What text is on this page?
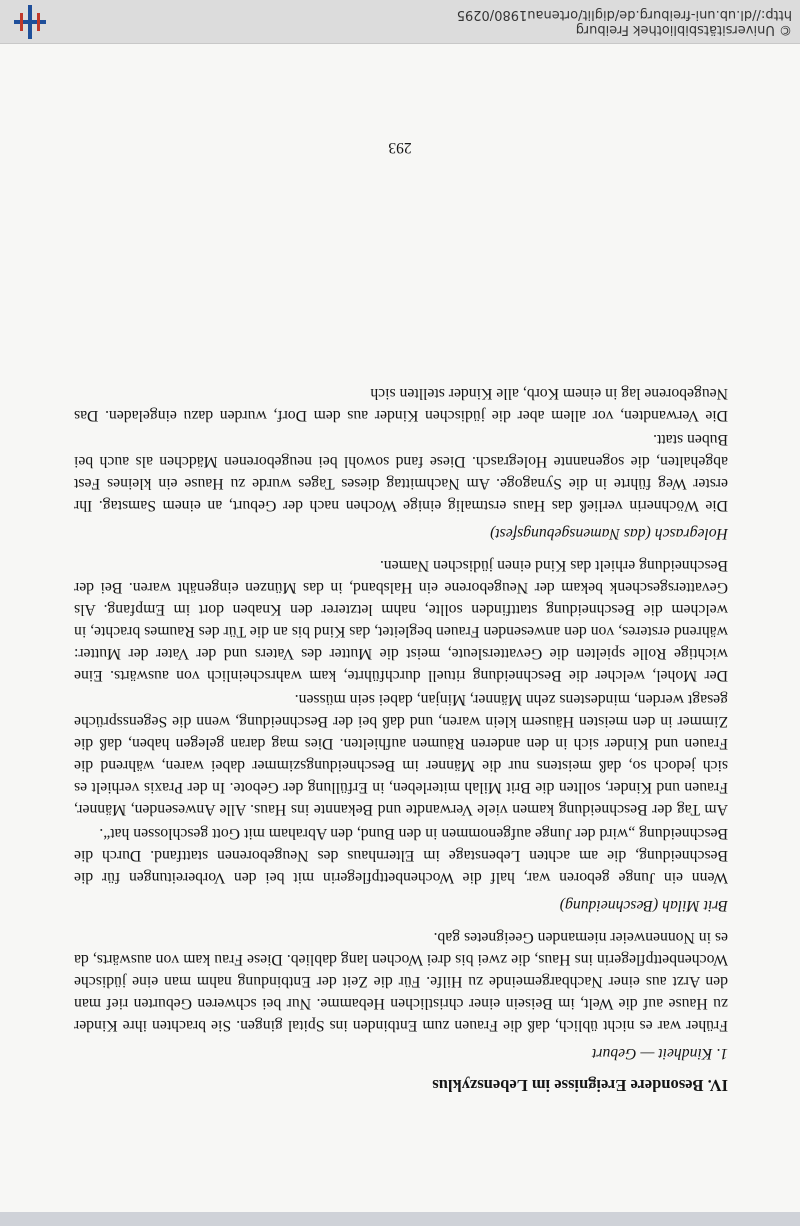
IV. Besondere Ereignisse im Lebenszyklus
1. Kindheit — Geburt

Früher war es nicht üblich, daß die Frauen zum Entbinden ins Spital gingen. Sie brachten ihre Kinder zu Hause auf die Welt, im Beisein einer christlichen Hebamme. Nur bei schweren Geburten rief man den Arzt aus einer Nachbargemeinde zu Hilfe. Für die Zeit der Entbindung nahm man eine jüdische Wochenbettpflegerin ins Haus, die zwei bis drei Wochen lang dablieb. Diese Frau kam von auswärts, da es in Nonnenweier niemanden Geeignetes gab.

Brit Milah (Beschneidung)

Wenn ein Junge geboren war, half die Wochenbettpflegerin mit bei den Vorbereitungen für die Beschneidung, die am achten Lebenstage im Elternhaus des Neugeborenen stattfand. Durch die Beschneidung „wird der Junge aufgenommen in den Bund, den Abraham mit Gott geschlossen hat“.

Am Tag der Beschneidung kamen viele Verwandte und Bekannte ins Haus. Alle Anwesenden, Männer, Frauen und Kinder, sollten die Brit Milah miterleben, in Erfüllung der Gebote. In der Praxis verhielt es sich jedoch so, daß meistens nur die Männer im Beschneidungszimmer dabei waren, während die Frauen und Kinder sich in den anderen Räumen aufhielten. Dies mag daran gelegen haben, daß die Zimmer in den meisten Häusern klein waren, und daß bei der Beschneidung, wenn die Segenssprüche gesagt werden, mindestens zehn Männer, Minjan, dabei sein müssen.

Der Mohel, welcher die Beschneidung rituell durchführte, kam wahrscheinlich von auswärts. Eine wichtige Rolle spielten die Gevattersleute, meist die Mutter des Vaters und der Vater der Mutter: während ersteres, von den anwesenden Frauen begleitet, das Kind bis an die Tür des Raumes brachte, in welchem die Beschneidung stattfinden sollte, nahm letzterer den Knaben dort im Empfang. Als Gevattersgeschenk bekam der Neugeborene ein Halsband, in das Münzen eingenäht waren. Bei der Beschneidung erhielt das Kind einen jüdischen Namen.

Holegrasch (das Namensgebungsfest)

Die Wöchnerin verließ das Haus erstmalig einige Wochen nach der Geburt, an einem Samstag. Ihr erster Weg führte in die Synagoge. Am Nachmittag dieses Tages wurde zu Hause ein kleines Fest abgehalten, die sogenannte Holegrasch. Diese fand sowohl bei neugeborenen Mädchen als auch bei Buben statt.

Die Verwandten, vor allem aber die jüdischen Kinder aus dem Dorf, wurden dazu eingeladen. Das Neugeborene lag in einem Korb, alle Kinder stellten sich

293
© Universitätsbibliothek Freiburg
http://dl.ub.uni-freiburg.de/diglit/ortenau1980/0295
